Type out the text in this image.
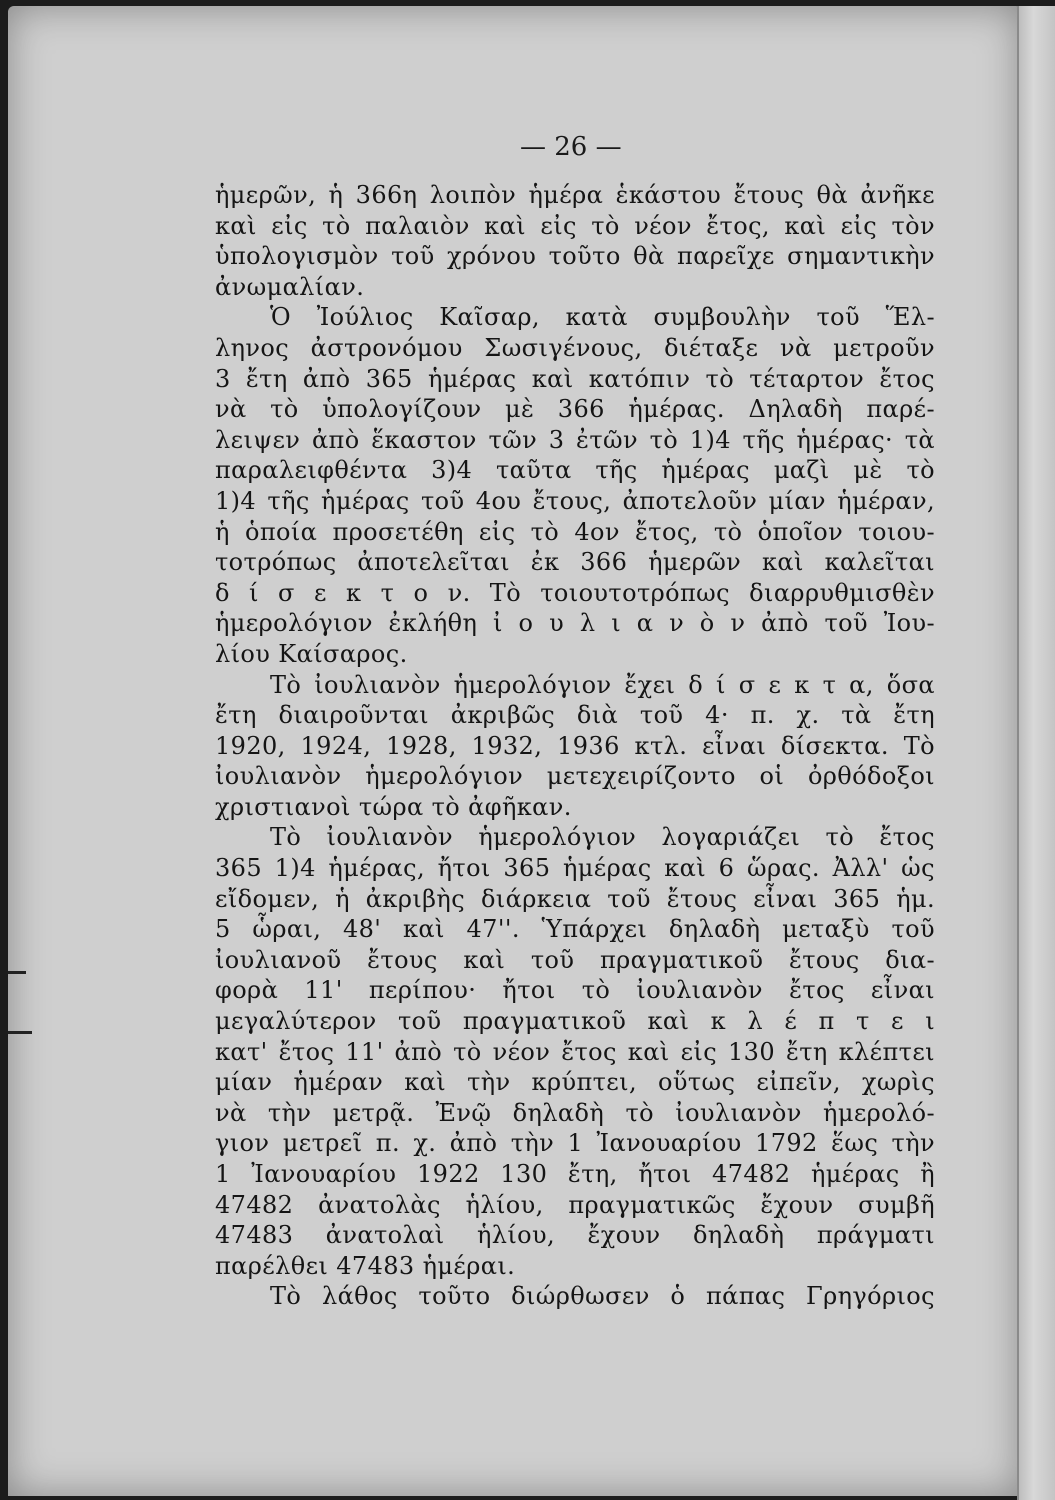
— 26 —
ἡμερῶν, ἡ 366η λοιπὸν ἡμέρα ἑκάστου ἔτους θὰ ἀνῆκε
καὶ εἰς τὸ παλαιὸν καὶ εἰς τὸ νέον ἔτος, καὶ εἰς τὸν
ὑπολογισμὸν τοῦ χρόνου τοῦτο θὰ παρεῖχε σημαντικὴν
ἀνωμαλίαν.
Ὁ Ἰούλιος Καῖσαρ, κατὰ συμβουλὴν τοῦ Ἕλ-
ληνος ἀστρονόμου Σωσιγένους, διέταξε νὰ μετροῦν
3 ἔτη ἀπὸ 365 ἡμέρας καὶ κατόπιν τὸ τέταρτον ἔτος
νὰ τὸ ὑπολογίζουν μὲ 366 ἡμέρας. Δηλαδὴ παρέ-
λειψεν ἀπὸ ἕκαστον τῶν 3 ἐτῶν τὸ 1)4 τῆς ἡμέρας· τὰ
παραλειφθέντα 3)4 ταῦτα τῆς ἡμέρας μαζὶ μὲ τὸ
1)4 τῆς ἡμέρας τοῦ 4ου ἔτους, ἀποτελοῦν μίαν ἡμέραν,
ἡ ὁποία προσετέθη εἰς τὸ 4ον ἔτος, τὸ ὁποῖον τοιου-
τοτρόπως ἀποτελεῖται ἐκ 366 ἡμερῶν καὶ καλεῖται
δ ί σ ε κ τ ο ν. Τὸ τοιουτοτρόπως διαρρυθμισθὲν
ἡμερολόγιον ἐκλήθη ἰ ο υ λ ι α ν ὸ ν ἀπὸ τοῦ Ἰου-
λίου Καίσαρος.
Τὸ ἰουλιανὸν ἡμερολόγιον ἔχει δ ί σ ε κ τ α, ὅσα
ἔτη διαιροῦνται ἀκριβῶς διὰ τοῦ 4· π. χ. τὰ ἔτη
1920, 1924, 1928, 1932, 1936 κτλ. εἶναι δίσεκτα. Τὸ
ἰουλιανὸν ἡμερολόγιον μετεχειρίζοντο οἱ ὀρθόδοξοι
χριστιανοὶ τώρα τὸ ἀφῆκαν.
Τὸ ἰουλιανὸν ἡμερολόγιον λογαριάζει τὸ ἔτος
365 1)4 ἡμέρας, ἤτοι 365 ἡμέρας καὶ 6 ὥρας. Ἀλλ' ὡς
εἴδομεν, ἡ ἀκριβὴς διάρκεια τοῦ ἔτους εἶναι 365 ἡμ.
5 ὧραι, 48' καὶ 47''. Ὑπάρχει δηλαδὴ μεταξὺ τοῦ
ἰουλιανοῦ ἔτους καὶ τοῦ πραγματικοῦ ἔτους δια-
φορὰ 11' περίπου· ἤτοι τὸ ἰουλιανὸν ἔτος εἶναι
μεγαλύτερον τοῦ πραγματικοῦ καὶ κ λ έ π τ ε ι
κατ' ἔτος 11' ἀπὸ τὸ νέον ἔτος καὶ εἰς 130 ἔτη κλέπτει
μίαν ἡμέραν καὶ τὴν κρύπτει, οὕτως εἰπεῖν, χωρὶς
νὰ τὴν μετρᾷ. Ἐνῷ δηλαδὴ τὸ ἰουλιανὸν ἡμερολό-
γιον μετρεῖ π. χ. ἀπὸ τὴν 1 Ἰανουαρίου 1792 ἕως τὴν
1 Ἰανουαρίου 1922 130 ἔτη, ἤτοι 47482 ἡμέρας ἢ
47482 ἀνατολὰς ἡλίου, πραγματικῶς ἔχουν συμβῆ
47483 ἀνατολαὶ ἡλίου, ἔχουν δηλαδὴ πράγματι
παρέλθει 47483 ἡμέραι.
Τὸ λάθος τοῦτο διώρθωσεν ὁ πάπας Γρηγόριος
